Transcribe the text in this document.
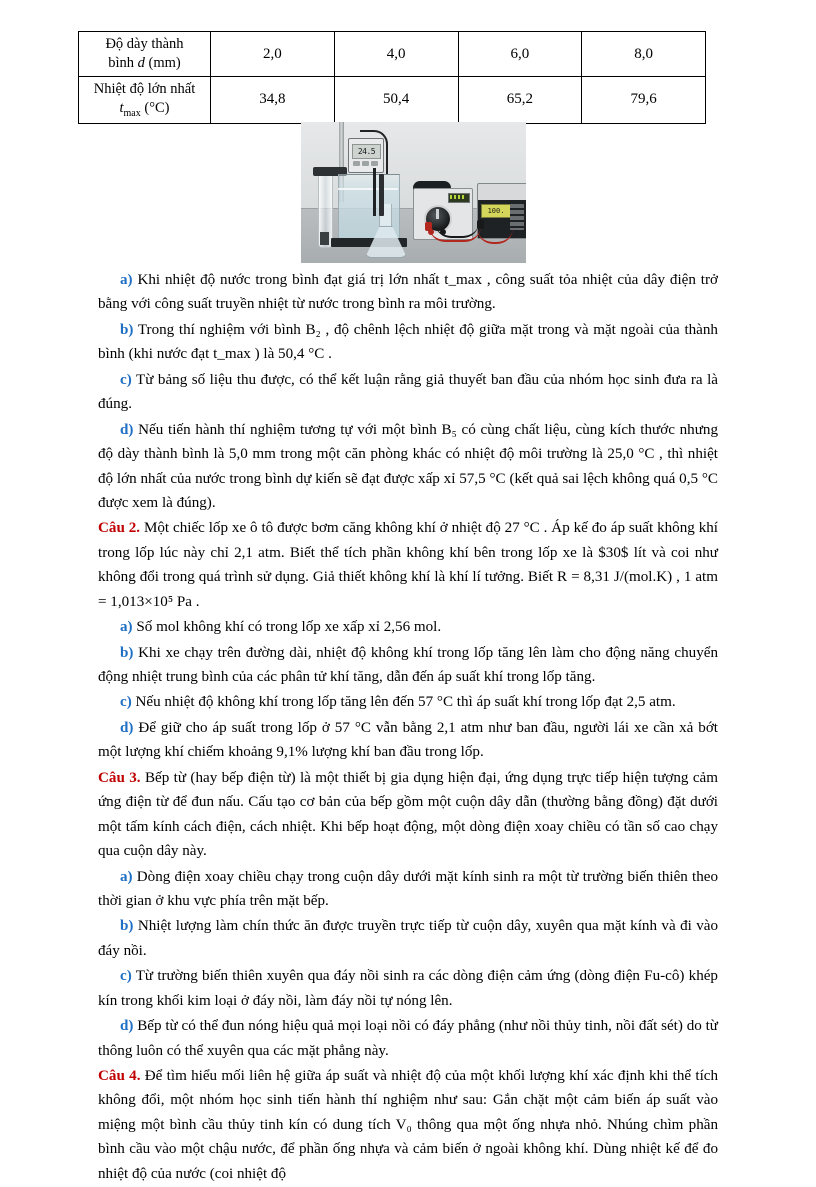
Độ dày thành
bình d (mm)	2,0	4,0	6,0	8,0
Nhiệt độ lớn nhất
$t_{max}$ (°C)	34,8	50,4	65,2	79,6
24.5
100.

a) Khi nhiệt độ nước trong bình đạt giá trị lớn nhất t_max , công suất tỏa nhiệt của dây điện trở bằng với công suất truyền nhiệt từ nước trong bình ra môi trường.

b) Trong thí nghiệm với bình B₂ , độ chênh lệch nhiệt độ giữa mặt trong và mặt ngoài của thành bình (khi nước đạt t_max ) là 50,4 °C .

c) Từ bảng số liệu thu được, có thể kết luận rằng giả thuyết ban đầu của nhóm học sinh đưa ra là đúng.

d) Nếu tiến hành thí nghiệm tương tự với một bình B₅ có cùng chất liệu, cùng kích thước nhưng độ dày thành bình là 5,0 mm trong một căn phòng khác có nhiệt độ môi trường là 25,0 °C , thì nhiệt độ lớn nhất của nước trong bình dự kiến sẽ đạt được xấp xỉ 57,5 °C (kết quả sai lệch không quá 0,5 °C được xem là đúng).

Câu 2. Một chiếc lốp xe ô tô được bơm căng không khí ở nhiệt độ 27 °C . Áp kế đo áp suất không khí trong lốp lúc này chỉ 2,1 atm. Biết thể tích phần không khí bên trong lốp xe là $30$ lít và coi như không đổi trong quá trình sử dụng. Giả thiết không khí là khí lí tưởng. Biết R = 8,31 J/(mol.K) , 1 atm = 1,013×10⁵ Pa .

a) Số mol không khí có trong lốp xe xấp xỉ 2,56 mol.

b) Khi xe chạy trên đường dài, nhiệt độ không khí trong lốp tăng lên làm cho động năng chuyển động nhiệt trung bình của các phân tử khí tăng, dẫn đến áp suất khí trong lốp tăng.

c) Nếu nhiệt độ không khí trong lốp tăng lên đến 57 °C thì áp suất khí trong lốp đạt 2,5 atm.

d) Để giữ cho áp suất trong lốp ở 57 °C vẫn bằng 2,1 atm như ban đầu, người lái xe cần xả bớt một lượng khí chiếm khoảng 9,1% lượng khí ban đầu trong lốp.

Câu 3. Bếp từ (hay bếp điện từ) là một thiết bị gia dụng hiện đại, ứng dụng trực tiếp hiện tượng cảm ứng điện từ để đun nấu. Cấu tạo cơ bản của bếp gồm một cuộn dây dẫn (thường bằng đồng) đặt dưới một tấm kính cách điện, cách nhiệt. Khi bếp hoạt động, một dòng điện xoay chiều có tần số cao chạy qua cuộn dây này.

a) Dòng điện xoay chiều chạy trong cuộn dây dưới mặt kính sinh ra một từ trường biến thiên theo thời gian ở khu vực phía trên mặt bếp.

b) Nhiệt lượng làm chín thức ăn được truyền trực tiếp từ cuộn dây, xuyên qua mặt kính và đi vào đáy nồi.

c) Từ trường biến thiên xuyên qua đáy nồi sinh ra các dòng điện cảm ứng (dòng điện Fu-cô) khép kín trong khối kim loại ở đáy nồi, làm đáy nồi tự nóng lên.

d) Bếp từ có thể đun nóng hiệu quả mọi loại nồi có đáy phẳng (như nồi thủy tinh, nồi đất sét) do từ thông luôn có thể xuyên qua các mặt phẳng này.

Câu 4. Để tìm hiểu mối liên hệ giữa áp suất và nhiệt độ của một khối lượng khí xác định khi thể tích không đổi, một nhóm học sinh tiến hành thí nghiệm như sau: Gắn chặt một cảm biến áp suất vào miệng một bình cầu thủy tinh kín có dung tích V₀ thông qua một ống nhựa nhỏ. Nhúng chìm phần bình cầu vào một chậu nước, để phần ống nhựa và cảm biến ở ngoài không khí. Dùng nhiệt kế để đo nhiệt độ của nước (coi nhiệt độ
